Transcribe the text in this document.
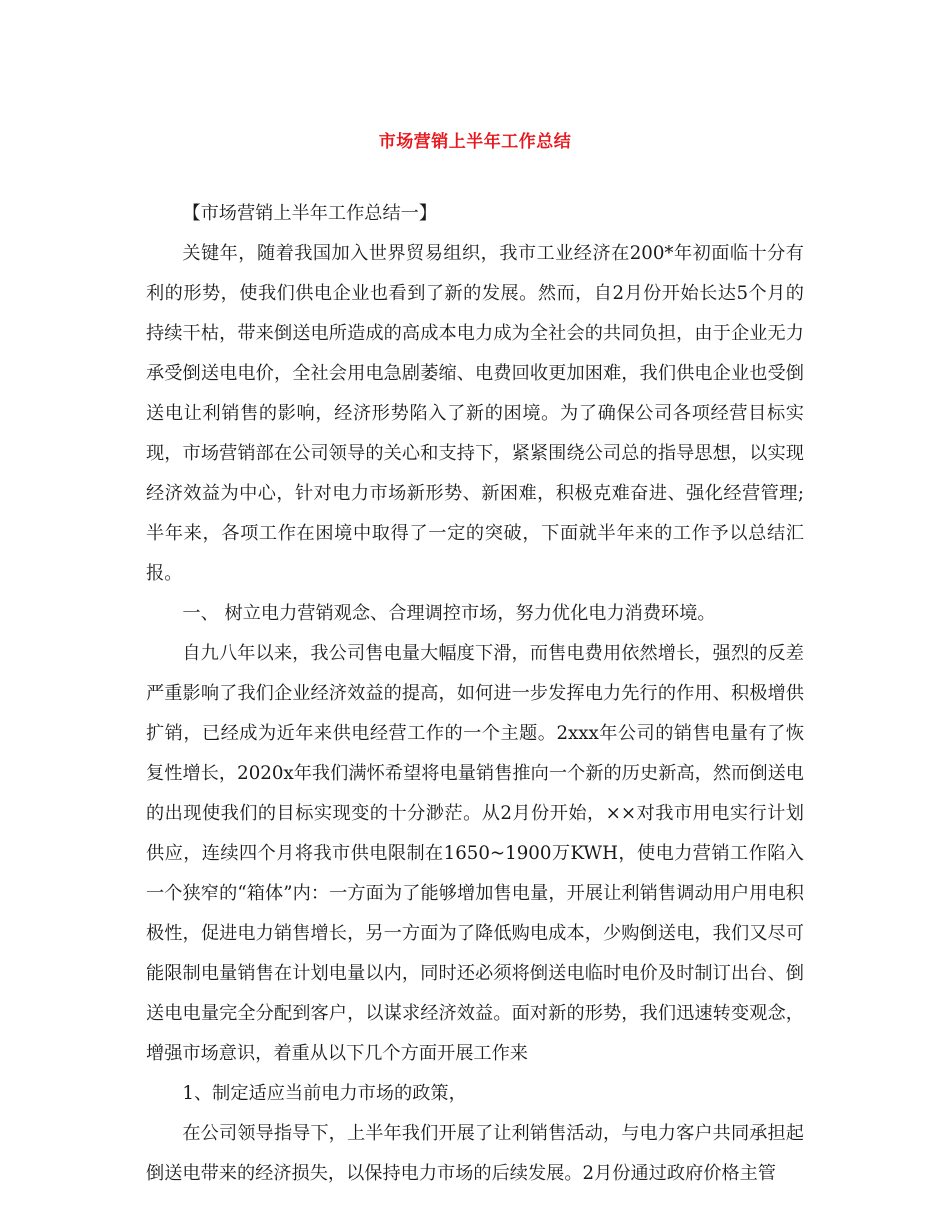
市场营销上半年工作总结

【市场营销上半年工作总结一】

关键年，随着我国加入世界贸易组织，我市工业经济在200*年初面临十分有利的形势，使我们供电企业也看到了新的发展。然而，自2月份开始长达5个月的持续干枯，带来倒送电所造成的高成本电力成为全社会的共同负担，由于企业无力承受倒送电电价，全社会用电急剧萎缩、电费回收更加困难，我们供电企业也受倒送电让利销售的影响，经济形势陷入了新的困境。为了确保公司各项经营目标实现，市场营销部在公司领导的关心和支持下，紧紧围绕公司总的指导思想，以实现经济效益为中心，针对电力市场新形势、新困难，积极克难奋进、强化经营管理;半年来，各项工作在困境中取得了一定的突破，下面就半年来的工作予以总结汇报。

一、 树立电力营销观念、合理调控市场，努力优化电力消费环境。

自九八年以来，我公司售电量大幅度下滑，而售电费用依然增长，强烈的反差严重影响了我们企业经济效益的提高，如何进一步发挥电力先行的作用、积极增供扩销，已经成为近年来供电经营工作的一个主题。2xxx年公司的销售电量有了恢复性增长，2020x年我们满怀希望将电量销售推向一个新的历史新高，然而倒送电的出现使我们的目标实现变的十分渺茫。从2月份开始，××对我市用电实行计划供应，连续四个月将我市供电限制在1650~1900万KWH，使电力营销工作陷入一个狭窄的“箱体”内：一方面为了能够增加售电量，开展让利销售调动用户用电积极性，促进电力销售增长，另一方面为了降低购电成本，少购倒送电，我们又尽可能限制电量销售在计划电量以内，同时还必须将倒送电临时电价及时制订出台、倒送电电量完全分配到客户，以谋求经济效益。面对新的形势，我们迅速转变观念，增强市场意识，着重从以下几个方面开展工作来

1、制定适应当前电力市场的政策，

在公司领导指导下，上半年我们开展了让利销售活动，与电力客户共同承担起倒送电带来的经济损失，以保持电力市场的后续发展。2月份通过政府价格主管
